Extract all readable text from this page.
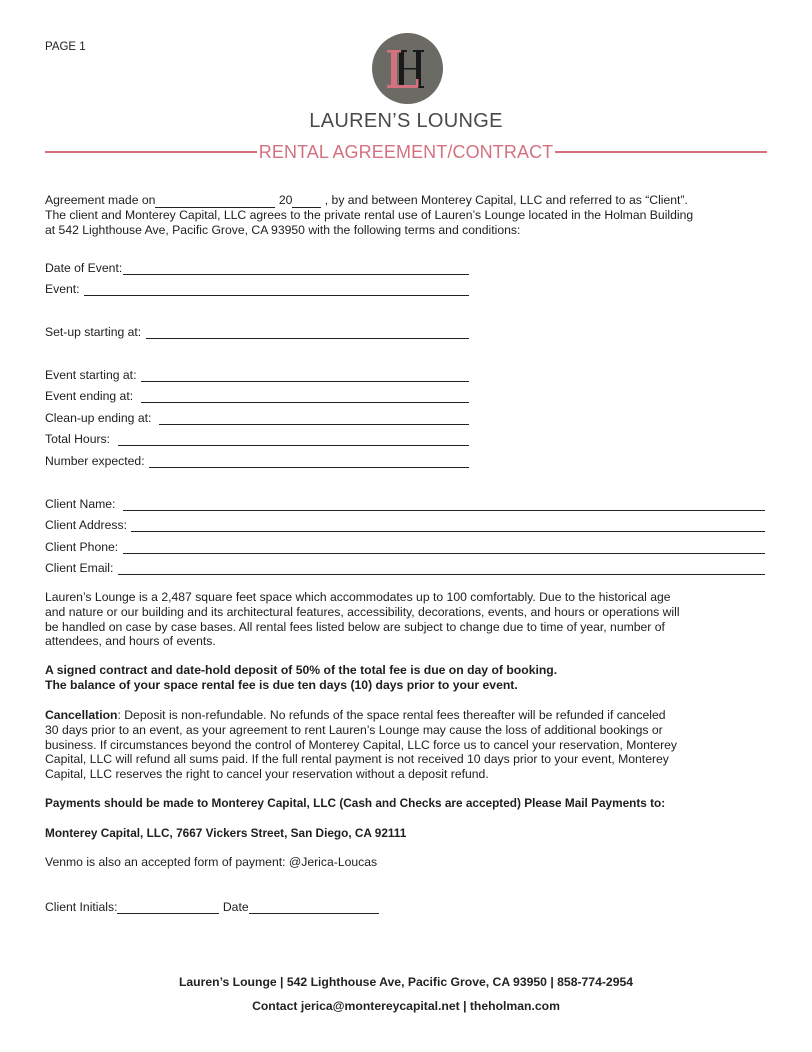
PAGE 1
LAUREN’S LOUNGE
RENTAL AGREEMENT/CONTRACT
Agreement made on	20 , by and between Monterey Capital, LLC and referred to as “Client”.
The client and Monterey Capital, LLC agrees to the private rental use of Lauren’s Lounge located in the Holman Building
at 542 Lighthouse Ave, Pacific Grove, CA 93950 with the following terms and conditions:
Date of Event:
Event:
Set-up starting at:
Event starting at:
Event ending at:
Clean-up ending at:
Total Hours:
Number expected:
Client Name:
Client Address:
Client Phone:
Client Email:
Lauren’s Lounge is a 2,487 square feet space which accommodates up to 100 comfortably. Due to the historical age
and nature or our building and its architectural features, accessibility, decorations, events, and hours or operations will
be handled on case by case bases. All rental fees listed below are subject to change due to time of year, number of
attendees, and hours of events.
A signed contract and date-hold deposit of 50% of the total fee is due on day of booking.
The balance of your space rental fee is due ten days (10) days prior to your event.
Cancellation: Deposit is non-refundable. No refunds of the space rental fees thereafter will be refunded if canceled
30 days prior to an event, as your agreement to rent Lauren’s Lounge may cause the loss of additional bookings or
business. If circumstances beyond the control of Monterey Capital, LLC force us to cancel your reservation, Monterey
Capital, LLC will refund all sums paid. If the full rental payment is not received 10 days prior to your event, Monterey
Capital, LLC reserves the right to cancel your reservation without a deposit refund.
Payments should be made to Monterey Capital, LLC (Cash and Checks are accepted) Please Mail Payments to:
Monterey Capital, LLC, 7667 Vickers Street, San Diego, CA 92111
Venmo is also an accepted form of payment: @Jerica-Loucas
Client Initials:	Date
Lauren’s Lounge | 542 Lighthouse Ave, Pacific Grove, CA 93950 | 858-774-2954
Contact jerica@montereycapital.net | theholman.com
